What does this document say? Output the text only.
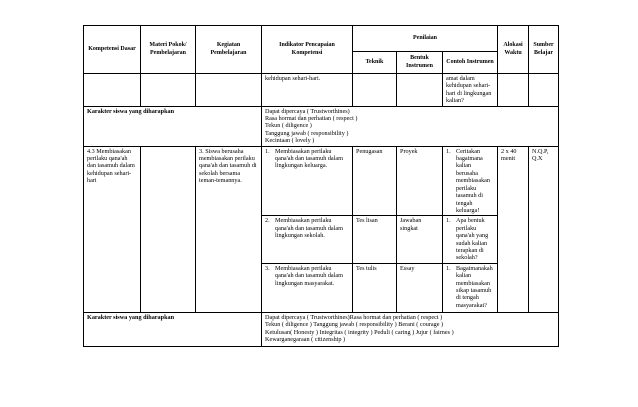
Kompetensi Dasar	Materi Pokok/ Pembelajaran	Kegiatan Pembelajaran	Indikator Pencapaian Kompetensi	Penilaian			Alokasi Waktu	Sumber Belajar
				Teknik	Bentuk Instrumen	Contoh Instrumen		
			kehidupan sehari-hari.			amat dalam kehidupan sehari-hari di lingkungan kalian?		
Karakter siswa yang diharapkan			Dapat dipercaya ( Trustworthines)
Rasa hormat dan perhatian ( respect )
Tekun ( diligence )
Tanggung jawab ( responsibility )
Kecintaan ( lovely )					

4.3 Membiasakan perilaku qana'ah dan tasamuh dalam kehidupan sehari-hari		3. Siswa berusaha membiasakan perilaku qana'ah dan tasamuh di sekolah bersama teman-temannya.	1. Membiasakan perilaku qana'ah dan tasamuh dalam lingkungan keluarga.	Penugasan	Proyek	1. Ceritakan bagaimana kalian berusaha membiasakan perilaku tasamuh di tengah keluarga!	2 x 40 menit	N.Q.P, Q.X

			2. Membiasakan perilaku qana'ah dan tasamuh dalam lingkungan sekolah.	Tes lisan	Jawaban singkat	1. Apa bentuk perilaku qana'ah yang sudah kalian terapkan di sekolah?		

			3. Membiasakan perilaku qana'ah dan tasamuh dalam lingkungan masyarakat.	Tes tulis	Essay	1. Bagaimanakah kalian membiasakan sikap tasamuh di tengah masyarakat?		

Karakter siswa yang diharapkan			Dapat dipercaya ( Trustworthines)Rasa hormat dan perhatian ( respect )
Tekun ( diligence ) Tanggung jawab ( responsibility ) Berani ( courage )
Ketulusan( Honesty ) Integritas ( integrity ) Peduli ( caring ) Jujur ( fairnes )
Kewarganegaraan ( citizenship )					
